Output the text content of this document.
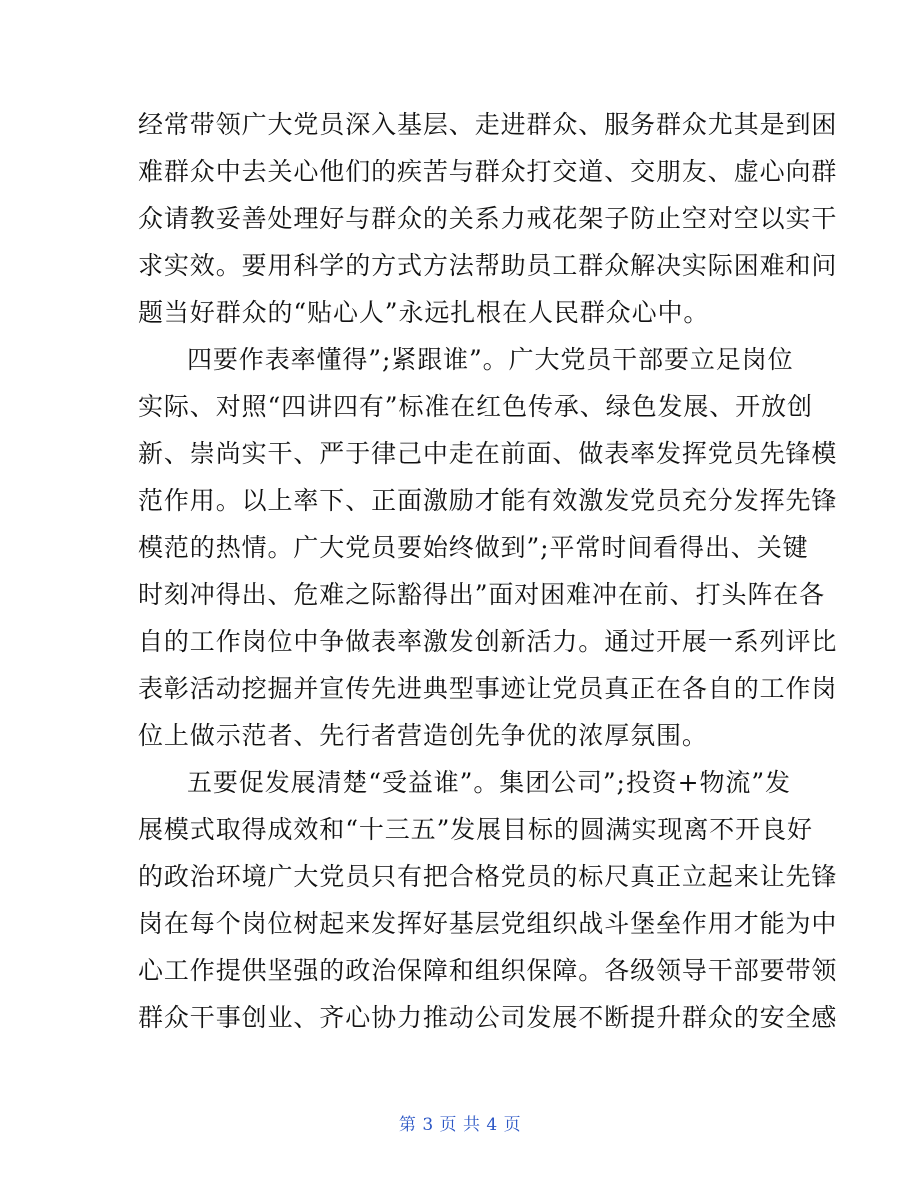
经常带领广大党员深入基层、走进群众、服务群众尤其是到困
难群众中去关心他们的疾苦与群众打交道、交朋友、虚心向群
众请教妥善处理好与群众的关系力戒花架子防止空对空以实干
求实效。要用科学的方式方法帮助员工群众解决实际困难和问
题当好群众的“贴心人”永远扎根在人民群众心中。
四要作表率懂得”;紧跟谁”。广大党员干部要立足岗位
实际、对照“四讲四有”标准在红色传承、绿色发展、开放创
新、崇尚实干、严于律己中走在前面、做表率发挥党员先锋模
范作用。以上率下、正面激励才能有效激发党员充分发挥先锋
模范的热情。广大党员要始终做到”;平常时间看得出、关键
时刻冲得出、危难之际豁得出”面对困难冲在前、打头阵在各
自的工作岗位中争做表率激发创新活力。通过开展一系列评比
表彰活动挖掘并宣传先进典型事迹让党员真正在各自的工作岗
位上做示范者、先行者营造创先争优的浓厚氛围。
五要促发展清楚“受益谁”。集团公司”;投资+物流”发
展模式取得成效和“十三五”发展目标的圆满实现离不开良好
的政治环境广大党员只有把合格党员的标尺真正立起来让先锋
岗在每个岗位树起来发挥好基层党组织战斗堡垒作用才能为中
心工作提供坚强的政治保障和组织保障。各级领导干部要带领
群众干事创业、齐心协力推动公司发展不断提升群众的安全感
第 3 页 共 4 页
